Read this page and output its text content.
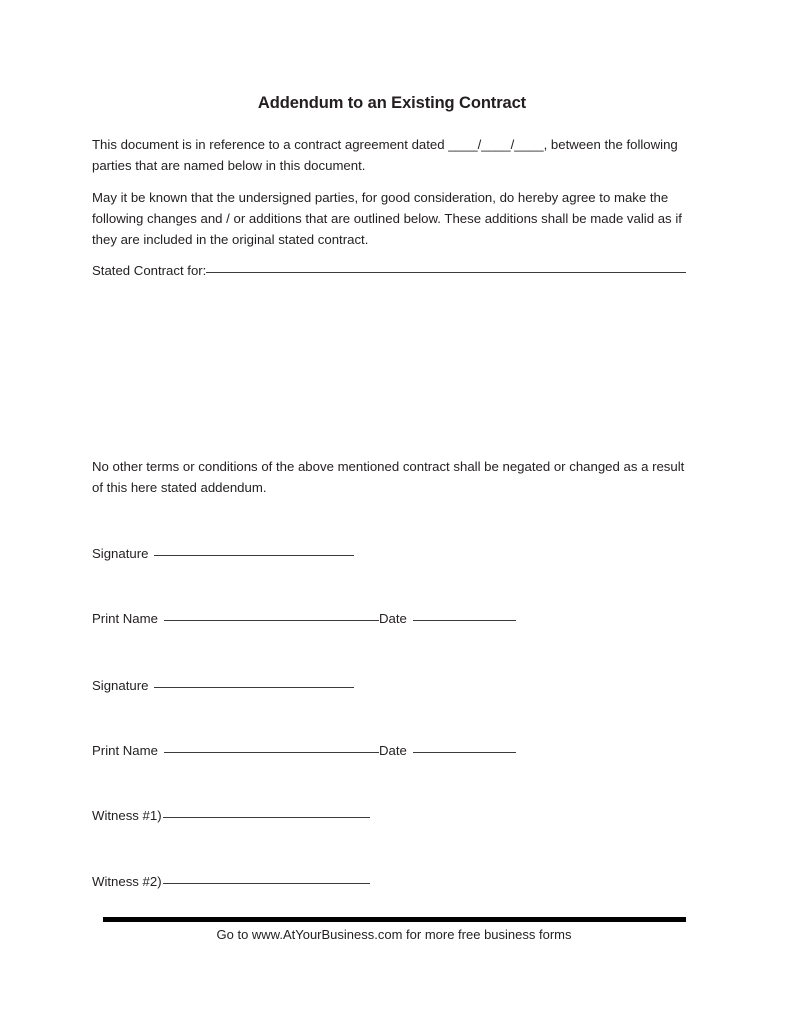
Addendum to an Existing Contract
This document is in reference to a contract agreement dated ____/____/____, between the following parties that are named below in this document.
May it be known that the undersigned parties, for good consideration, do hereby agree to make the following changes and / or additions that are outlined below. These additions shall be made valid as if they are included in the original stated contract.
Stated Contract for:
No other terms or conditions of the above mentioned contract shall be negated or changed as a result of this here stated addendum.
Signature
Print Name	Date
Signature
Print Name	Date
Witness #1)
Witness #2)
Go to www.AtYourBusiness.com for more free business forms
